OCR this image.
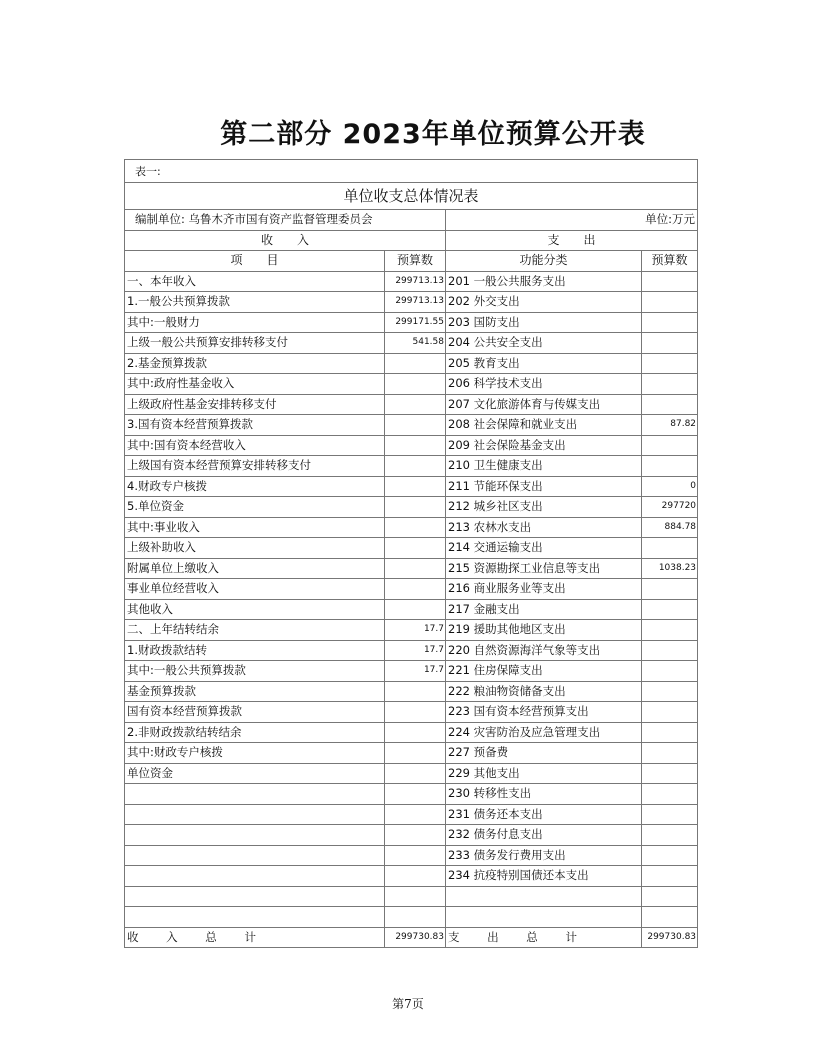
第二部分 2023年单位预算公开表
表一:			
单位收支总体情况表			
编制单位: 乌鲁木齐市国有资产监督管理委员会		单位:万元	
收　　入		支　　出	
项　　目	预算数	功能分类	预算数
一、本年收入	299713.13	201 一般公共服务支出	
1.一般公共预算拨款	299713.13	202 外交支出	
其中:一般财力	299171.55	203 国防支出	
上级一般公共预算安排转移支付	541.58	204 公共安全支出	
2.基金预算拨款		205 教育支出	
其中:政府性基金收入		206 科学技术支出	
上级政府性基金安排转移支付		207 文化旅游体育与传媒支出	
3.国有资本经营预算拨款		208 社会保障和就业支出	87.82
其中:国有资本经营收入		209 社会保险基金支出	
上级国有资本经营预算安排转移支付		210 卫生健康支出	
4.财政专户核拨		211 节能环保支出	0
5.单位资金		212 城乡社区支出	297720
其中:事业收入		213 农林水支出	884.78
上级补助收入		214 交通运输支出	
附属单位上缴收入		215 资源勘探工业信息等支出	1038.23
事业单位经营收入		216 商业服务业等支出	
其他收入		217 金融支出	
二、上年结转结余	17.7	219 援助其他地区支出	
1.财政拨款结转	17.7	220 自然资源海洋气象等支出	
其中:一般公共预算拨款	17.7	221 住房保障支出	
基金预算拨款		222 粮油物资储备支出	
国有资本经营预算拨款		223 国有资本经营预算支出	
2.非财政拨款结转结余		224 灾害防治及应急管理支出	
其中:财政专户核拨		227 预备费	
单位资金		229 其他支出	
		230 转移性支出	
		231 债务还本支出	
		232 债务付息支出	
		233 债务发行费用支出	
		234 抗疫特别国债还本支出	

收 入 总 计	299730.83	支 出 总 计	299730.83
第7页
